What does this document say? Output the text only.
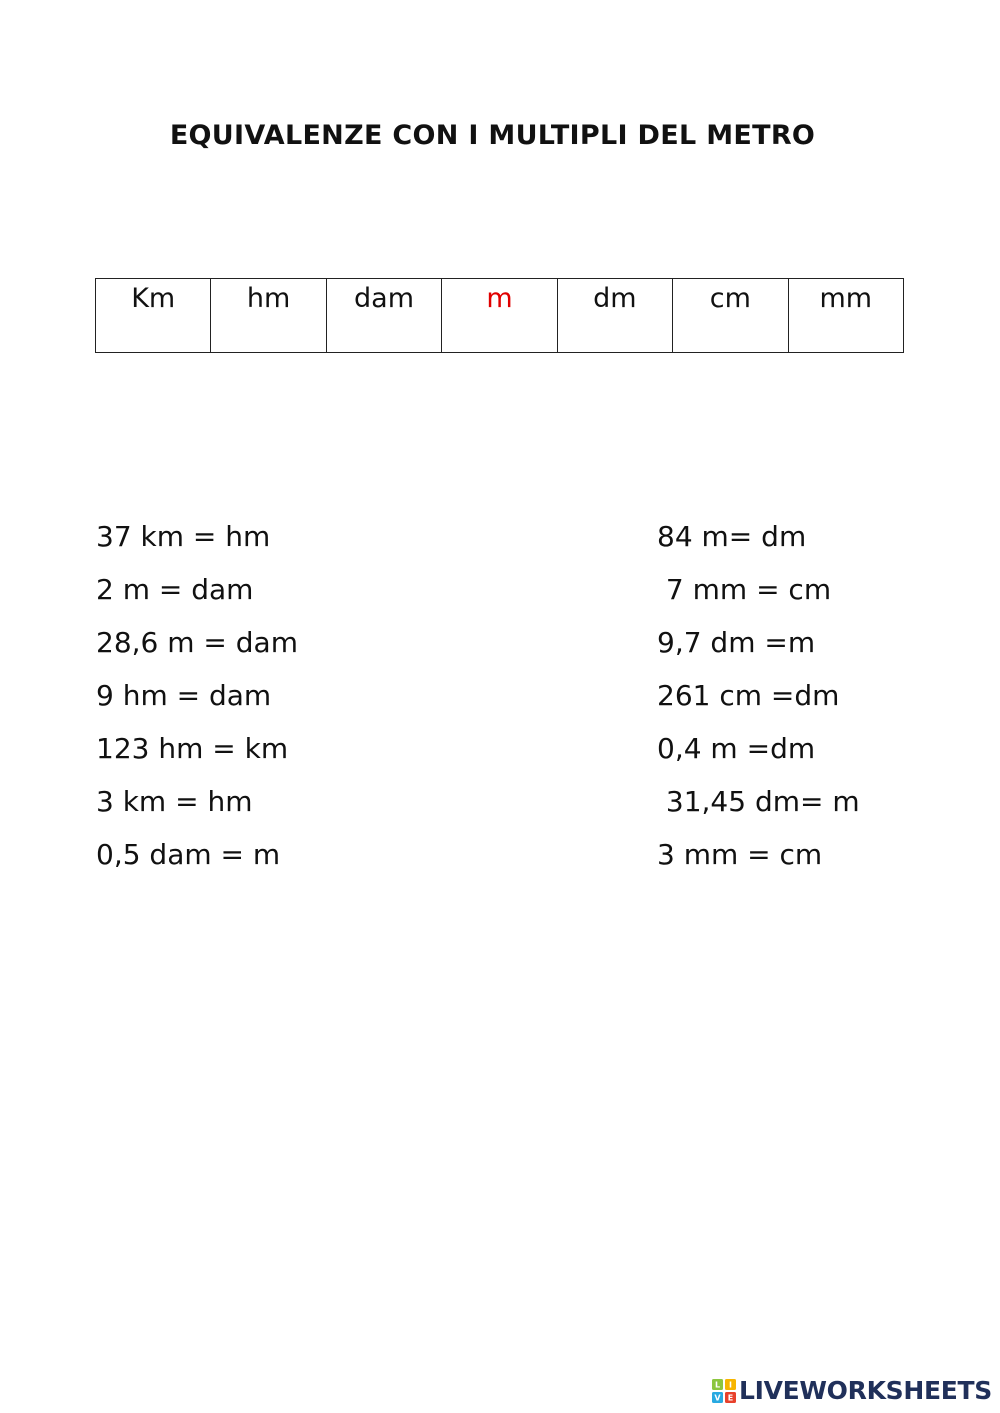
EQUIVALENZE CON I MULTIPLI DEL METRO
Km	hm	dam	m	dm	cm	mm
37 km = hm
2 m = dam
28,6 m = dam
9 hm = dam
123 hm = km
3 km = hm
0,5 dam = m
84 m= dm
7 mm = cm
9,7 dm =m
261 cm =dm
0,4 m =dm
31,45 dm= m
3 mm = cm
L I
V E LIVEWORKSHEETS
